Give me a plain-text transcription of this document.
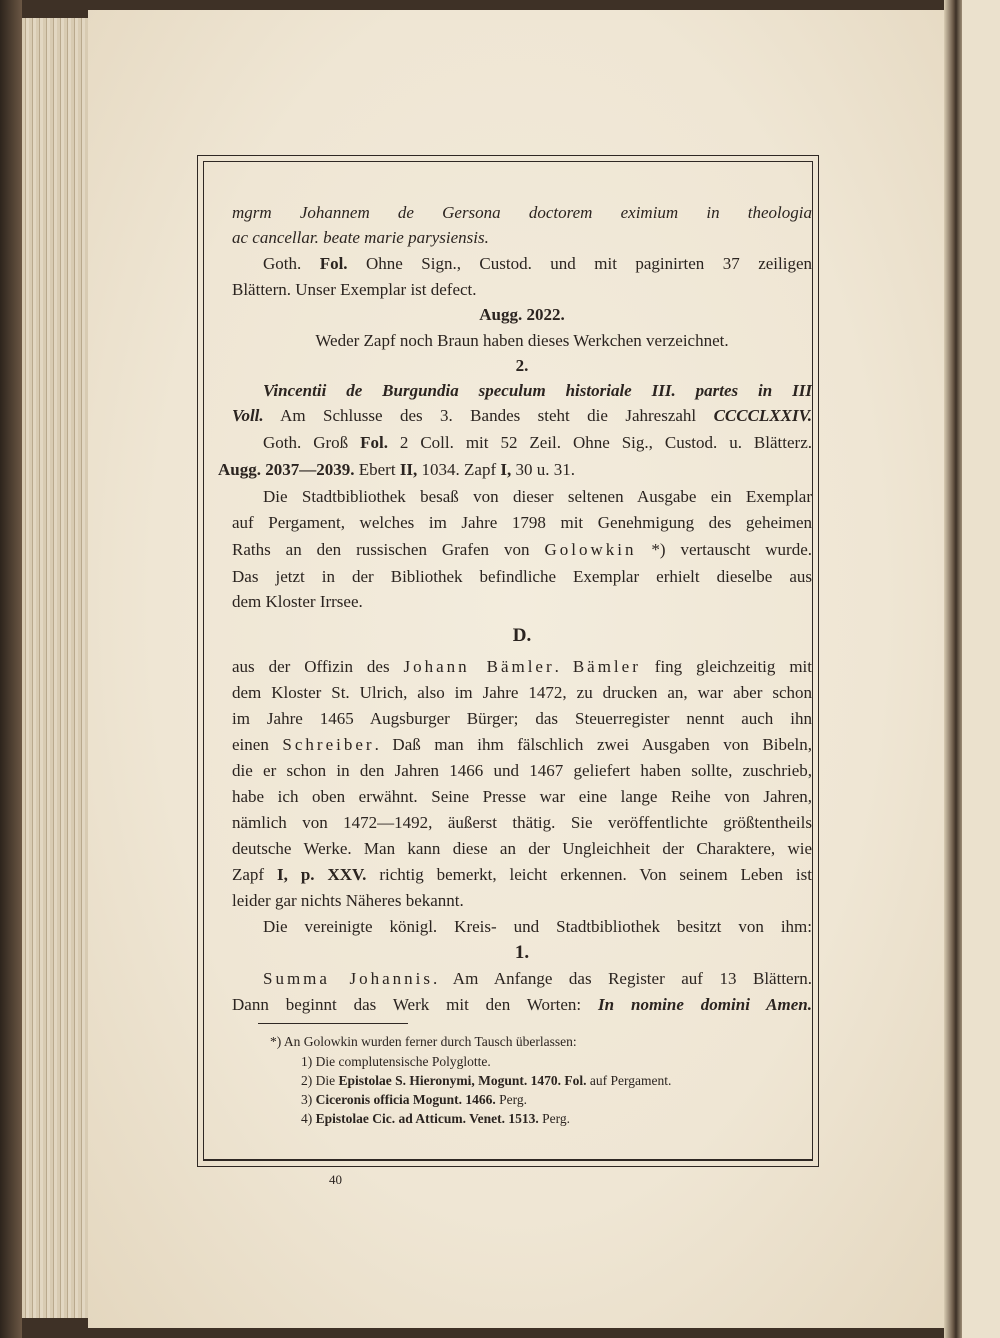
mgrm Johannem de Gersona doctorem eximium in theologia
ac cancellar. beate marie parysiensis.
Goth. Fol. Ohne Sign., Custod. und mit paginirten 37 zeiligen
Blättern. Unser Exemplar ist defect.
Augg. 2022.
Weder Zapf noch Braun haben dieses Werkchen verzeichnet.
2.
Vincentii de Burgundia speculum historiale III. partes in III
Voll. Am Schlusse des 3. Bandes steht die Jahreszahl CCCCLXXIV.
Goth. Groß Fol. 2 Coll. mit 52 Zeil. Ohne Sig., Custod. u. Blätterz.
Augg. 2037—2039. Ebert II, 1034. Zapf I, 30 u. 31.
Die Stadtbibliothek besaß von dieser seltenen Ausgabe ein Exemplar
auf Pergament, welches im Jahre 1798 mit Genehmigung des geheimen
Raths an den russischen Grafen von Golowkin *) vertauscht wurde.
Das jetzt in der Bibliothek befindliche Exemplar erhielt dieselbe aus
dem Kloster Irrsee.
D.
aus der Offizin des Johann Bämler. Bämler fing gleichzeitig mit
dem Kloster St. Ulrich, also im Jahre 1472, zu drucken an, war aber schon
im Jahre 1465 Augsburger Bürger; das Steuerregister nennt auch ihn
einen Schreiber. Daß man ihm fälschlich zwei Ausgaben von Bibeln,
die er schon in den Jahren 1466 und 1467 geliefert haben sollte, zuschrieb,
habe ich oben erwähnt. Seine Presse war eine lange Reihe von Jahren,
nämlich von 1472—1492, äußerst thätig. Sie veröffentlichte größtentheils
deutsche Werke. Man kann diese an der Ungleichheit der Charaktere, wie
Zapf I, p. XXV. richtig bemerkt, leicht erkennen. Von seinem Leben ist
leider gar nichts Näheres bekannt.
Die vereinigte königl. Kreis- und Stadtbibliothek besitzt von ihm:
1.
Summa Johannis. Am Anfange das Register auf 13 Blättern.
Dann beginnt das Werk mit den Worten: In nomine domini Amen.
*) An Golowkin wurden ferner durch Tausch überlassen:
1) Die complutensische Polyglotte.
2) Die Epistolae S. Hieronymi, Mogunt. 1470. Fol. auf Pergament.
3) Ciceronis officia Mogunt. 1466. Perg.
4) Epistolae Cic. ad Atticum. Venet. 1513. Perg.
40
